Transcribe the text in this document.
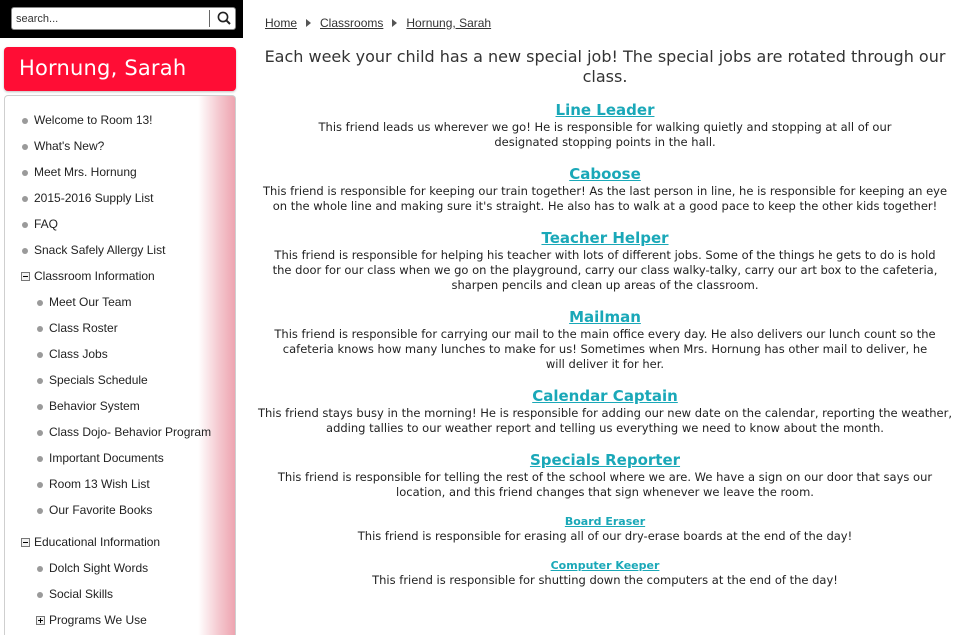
search...
Hornung, Sarah
Welcome to Room 13!
What's New?
Meet Mrs. Hornung
2015-2016 Supply List
FAQ
Snack Safely Allergy List
Classroom Information
Meet Our Team
Class Roster
Class Jobs
Specials Schedule
Behavior System
Class Dojo- Behavior Program
Important Documents
Room 13 Wish List
Our Favorite Books
Educational Information
Dolch Sight Words
Social Skills
Programs We Use
Home Classrooms Hornung, Sarah
Each week your child has a new special job! The special jobs are rotated through our class.
Line Leader
This friend leads us wherever we go! He is responsible for walking quietly and stopping at all of our designated stopping points in the hall.
Caboose
This friend is responsible for keeping our train together! As the last person in line, he is responsible for keeping an eye on the whole line and making sure it's straight. He also has to walk at a good pace to keep the other kids together!
Teacher Helper
This friend is responsible for helping his teacher with lots of different jobs. Some of the things he gets to do is hold the door for our class when we go on the playground, carry our class walky-talky, carry our art box to the cafeteria, sharpen pencils and clean up areas of the classroom.
Mailman
This friend is responsible for carrying our mail to the main office every day. He also delivers our lunch count so the cafeteria knows how many lunches to make for us! Sometimes when Mrs. Hornung has other mail to deliver, he will deliver it for her.
Calendar Captain
This friend stays busy in the morning! He is responsible for adding our new date on the calendar, reporting the weather, adding tallies to our weather report and telling us everything we need to know about the month.
Specials Reporter
This friend is responsible for telling the rest of the school where we are. We have a sign on our door that says our location, and this friend changes that sign whenever we leave the room.
Board Eraser
This friend is responsible for erasing all of our dry-erase boards at the end of the day!
Computer Keeper
This friend is responsible for shutting down the computers at the end of the day!
